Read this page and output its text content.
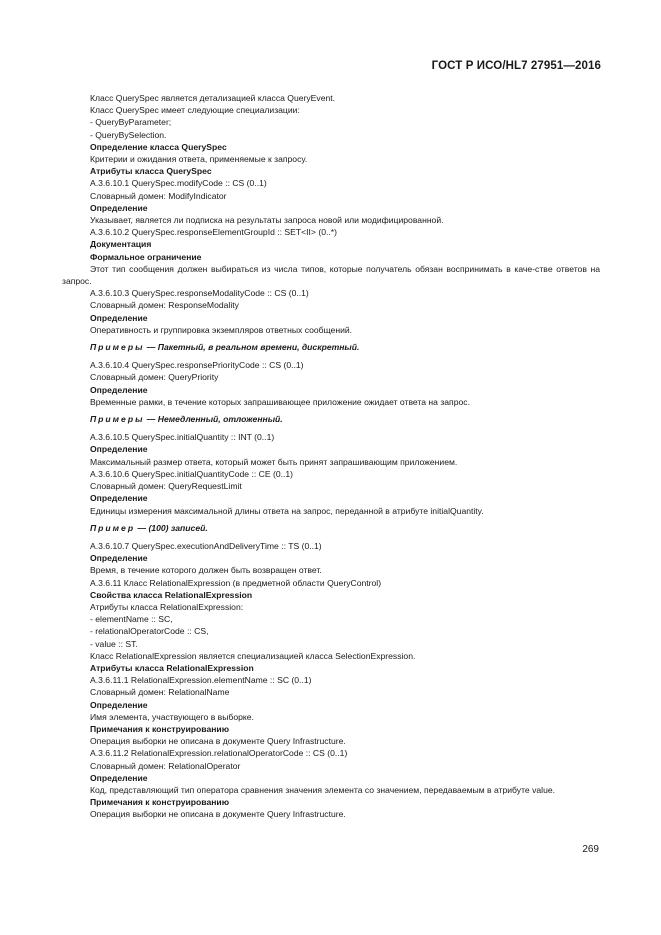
ГОСТ Р ИСО/HL7 27951—2016
Класс QuerySpec является детализацией класса QueryEvent.
Класс QuerySpec имеет следующие специализации:
- QueryByParameter;
- QueryBySelection.
Определение класса QuerySpec
Критерии и ожидания ответа, применяемые к запросу.
Атрибуты класса QuerySpec
A.3.6.10.1 QuerySpec.modifyCode :: CS (0..1)
Словарный домен: ModifyIndicator
Определение
Указывает, является ли подписка на результаты запроса новой или модифицированной.
A.3.6.10.2 QuerySpec.responseElementGroupId :: SET<II> (0..*)
Документация
Формальное ограничение
Этот тип сообщения должен выбираться из числа типов, которые получатель обязан воспринимать в каче-ствe ответов на запрос.
A.3.6.10.3 QuerySpec.responseModalityCode :: CS (0..1)
Словарный домен: ResponseModality
Определение
Оперативность и группировка экземпляров ответных сообщений.
Примеры — Пакетный, в реальном времени, дискретный.
A.3.6.10.4 QuerySpec.responsePriorityCode :: CS (0..1)
Словарный домен: QueryPriority
Определение
Временные рамки, в течение которых запрашивающее приложение ожидает ответа на запрос.
Примеры — Немедленный, отложенный.
A.3.6.10.5 QuerySpec.initialQuantity :: INT (0..1)
Определение
Максимальный размер ответа, который может быть принят запрашивающим приложением.
A.3.6.10.6 QuerySpec.initialQuantityCode :: CE (0..1)
Словарный домен: QueryRequestLimit
Определение
Единицы измерения максимальной длины ответа на запрос, переданной в атрибуте initialQuantity.
Пример — (100) записей.
A.3.6.10.7 QuerySpec.executionAndDeliveryTime :: TS (0..1)
Определение
Время, в течение которого должен быть возвращен ответ.
A.3.6.11 Класс RelationalExpression (в предметной области QueryControl)
Свойства класса RelationalExpression
Атрибуты класса RelationalExpression:
- elementName :: SC,
- relationalOperatorCode :: CS,
- value :: ST.
Класс RelationalExpression является специализацией класса SelectionExpression.
Атрибуты класса RelationalExpression
A.3.6.11.1 RelationalExpression.elementName :: SC (0..1)
Словарный домен: RelationalName
Определение
Имя элемента, участвующего в выборке.
Примечания к конструированию
Операция выборки не описана в документе Query Infrastructure.
A.3.6.11.2 RelationalExpression.relationalOperatorCode :: CS (0..1)
Словарный домен: RelationalOperator
Определение
Код, представляющий тип оператора сравнения значения элемента со значением, передаваемым в атрибуте value.
Примечания к конструированию
Операция выборки не описана в документе Query Infrastructure.
269
